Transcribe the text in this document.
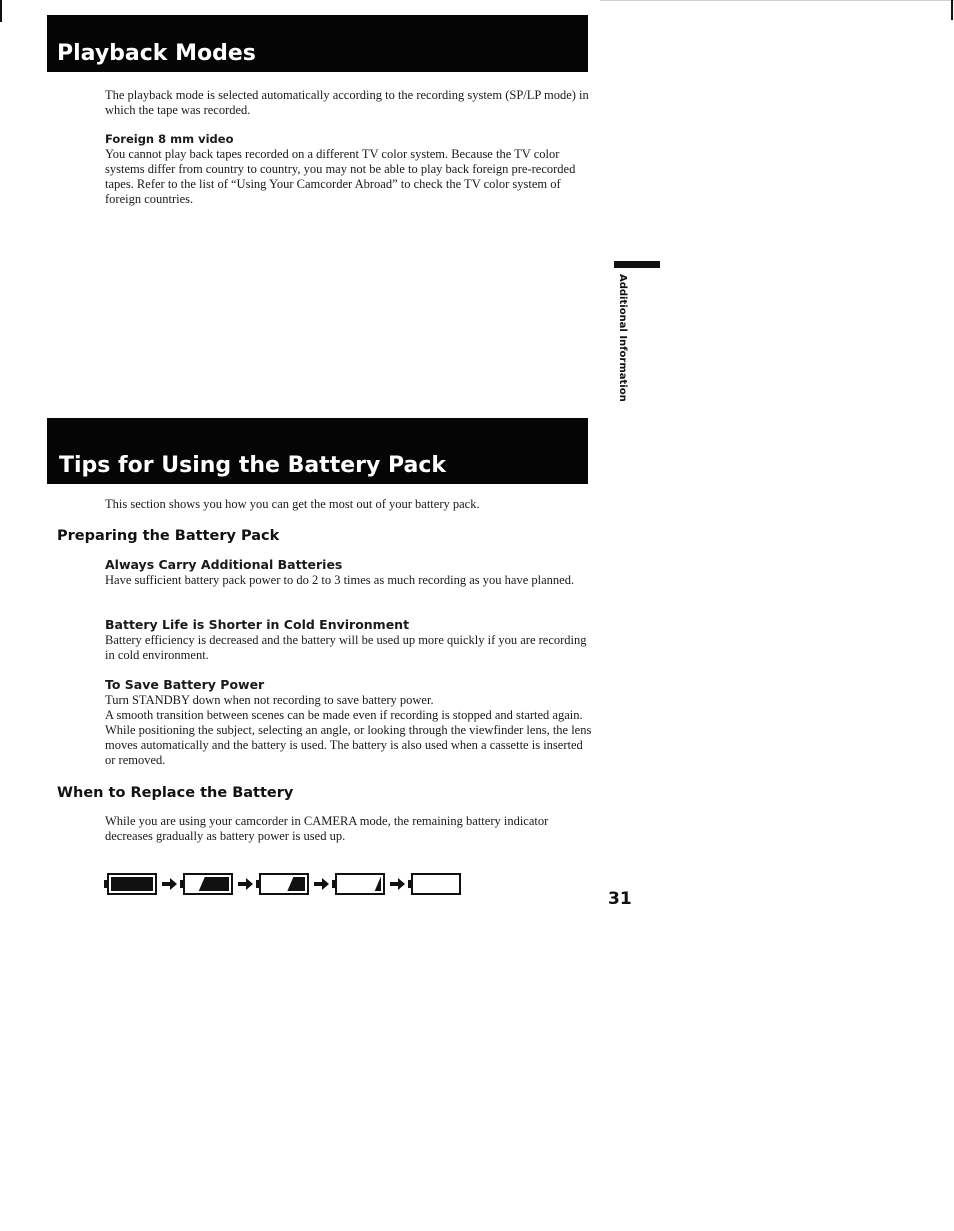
Playback Modes

The playback mode is selected automatically according to the recording system (SP/LP mode) in which the tape was recorded.

Foreign 8 mm video

You cannot play back tapes recorded on a different TV color system. Because the TV color systems differ from country to country, you may not be able to play back foreign pre-recorded tapes. Refer to the list of “Using Your Camcorder Abroad” to check the TV color system of foreign countries.

Additional Information
Tips for Using the Battery Pack

This section shows you how you can get the most out of your battery pack.

Preparing the Battery Pack

Always Carry Additional Batteries

Have sufficient battery pack power to do 2 to 3 times as much recording as you have planned.

Battery Life is Shorter in Cold Environment

Battery efficiency is decreased and the battery will be used up more quickly if you are recording in cold environment.

To Save Battery Power

Turn STANDBY down when not recording to save battery power.

A smooth transition between scenes can be made even if recording is stopped and started again. While positioning the subject, selecting an angle, or looking through the viewfinder lens, the lens moves automatically and the battery is used. The battery is also used when a cassette is inserted or removed.

When to Replace the Battery

While you are using your camcorder in CAMERA mode, the remaining battery indicator decreases gradually as battery power is used up.

31
